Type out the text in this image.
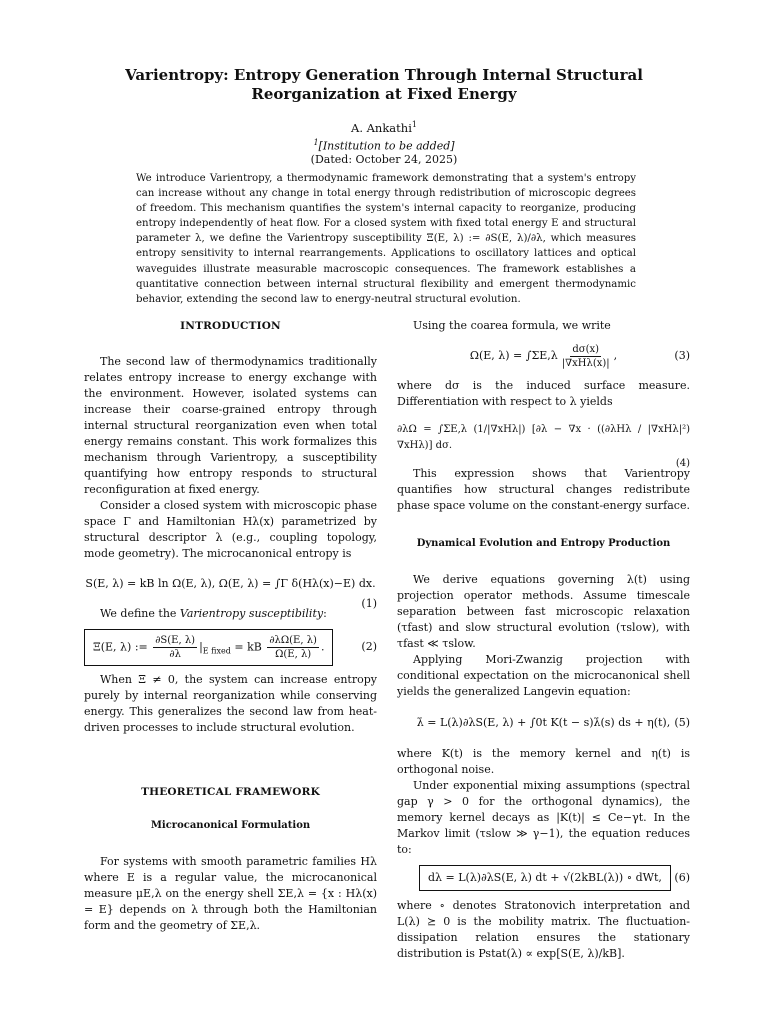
Varientropy: Entropy Generation Through Internal Structural Reorganization at Fixed Energy
A. Ankathi$^1$
$^1$[Institution to be added]
(Dated: October 24, 2025)
We introduce Varientropy, a thermodynamic framework demonstrating that a system's entropy can increase without any change in total energy through redistribution of microscopic degrees of freedom. This mechanism quantifies the system's internal capacity to reorganize, producing entropy independently of heat flow. For a closed system with fixed total energy E and structural parameter λ, we define the Varientropy susceptibility Ξ(E, λ) := ∂S(E, λ)/∂λ, which measures entropy sensitivity to internal rearrangements. Applications to oscillatory lattices and optical waveguides illustrate measurable macroscopic consequences. The framework establishes a quantitative connection between internal structural flexibility and emergent thermodynamic behavior, extending the second law to energy-neutral structural evolution.
INTRODUCTION

The second law of thermodynamics traditionally relates entropy increase to energy exchange with the environment. However, isolated systems can increase their coarse-grained entropy through internal structural reorganization even when total energy remains constant. This work formalizes this mechanism through Varientropy, a susceptibility quantifying how entropy responds to structural reconfiguration at fixed energy.

Consider a closed system with microscopic phase space Γ and Hamiltonian Hλ(x) parametrized by structural descriptor λ (e.g., coupling topology, mode geometry). The microcanonical entropy is

S(E, λ) = kB ln Ω(E, λ), Ω(E, λ) = ∫Γ δ(Hλ(x)−E) dx.
(1)

We define the Varientropy susceptibility:

Ξ(E, λ) := $\frac{\partial S(E, \lambda)}{\partial\lambda} |_{E fixed}$ = kB $\frac{\partial\lambda\Omega(E, \lambda)}{\Omega(E, \lambda)}$ .	(2)

When Ξ ≠ 0, the system can increase entropy purely by internal reorganization while conserving energy. This generalizes the second law from heat-driven processes to include structural evolution.

THEORETICAL FRAMEWORK
Microcanonical Formulation

For systems with smooth parametric families Hλ where E is a regular value, the microcanonical measure μE,λ on the energy shell ΣE,λ = {x : Hλ(x) = E} depends on λ through both the Hamiltonian form and the geometry of ΣE,λ.

Using the coarea formula, we write

Ω(E, $\lambda) = \int\Sigma E,\lambda \frac{d\sigma(x)}{\text{|∇xHλ(x)|}}$ ,	(3)

where dσ is the induced surface measure. Differentiation with respect to λ yields

∂λΩ = ∫ΣE,λ (1/|∇xHλ|) [∂λ − ∇x · ((∂λHλ / |∇xHλ|²) ∇xHλ)] dσ.
(4)

This expression shows that Varientropy quantifies how structural changes redistribute phase space volume on the constant-energy surface.

Dynamical Evolution and Entropy Production

We derive equations governing λ(t) using projection operator methods. Assume timescale separation between fast microscopic relaxation (τfast) and slow structural evolution (τslow), with τfast ≪ τslow.

Applying Mori-Zwanzig projection with conditional expectation on the microcanonical shell yields the generalized Langevin equation:

λ̇ = L(λ)∂λS(E, λ) + ∫0t K(t − s)λ̇(s) ds + η(t), (5)

where K(t) is the memory kernel and η(t) is orthogonal noise.

Under exponential mixing assumptions (spectral gap γ > 0 for the orthogonal dynamics), the memory kernel decays as |K(t)| ≤ Ce−γt. In the Markov limit (τslow ≫ γ−1), the equation reduces to:

dλ = L(λ)∂λS(E, λ) dt + √(2kBL(λ)) ∘ dWt,	(6)

where ∘ denotes Stratonovich interpretation and L(λ) ⪰ 0 is the mobility matrix. The fluctuation-dissipation relation ensures the stationary distribution is Pstat(λ) ∝ exp[S(E, λ)/kB].
